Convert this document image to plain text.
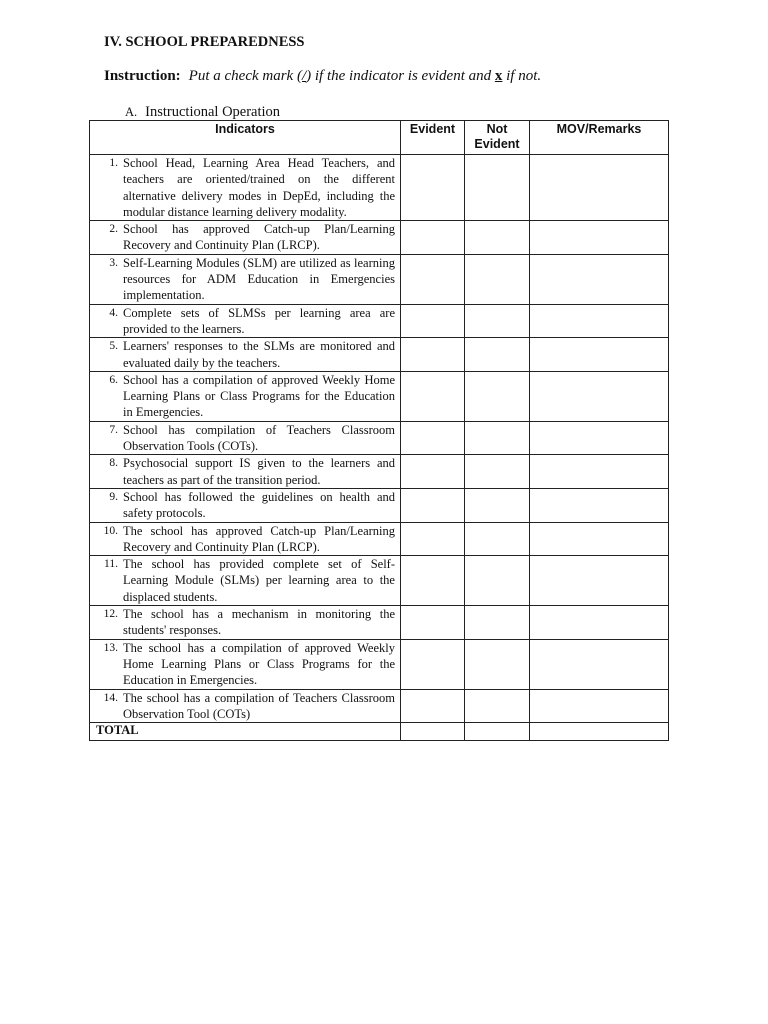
IV. SCHOOL PREPAREDNESS
Instruction: Put a check mark (/) if the indicator is evident and x if not.
A. Instructional Operation
Indicators	Evident	Not Evident	MOV/Remarks

1. School Head, Learning Area Head Teachers, and teachers are oriented/trained on the different alternative delivery modes in DepEd, including the modular distance learning delivery modality.			

2. School has approved Catch-up Plan/Learning Recovery and Continuity Plan (LRCP).			

3. Self-Learning Modules (SLM) are utilized as learning resources for ADM Education in Emergencies implementation.			

4. Complete sets of SLMSs per learning area are provided to the learners.			

5. Learners' responses to the SLMs are monitored and evaluated daily by the teachers.			

6. School has a compilation of approved Weekly Home Learning Plans or Class Programs for the Education in Emergencies.			

7. School has compilation of Teachers Classroom Observation Tools (COTs).			

8. Psychosocial support IS given to the learners and teachers as part of the transition period.			

9. School has followed the guidelines on health and safety protocols.			

10. The school has approved Catch-up Plan/Learning Recovery and Continuity Plan (LRCP).			

11. The school has provided complete set of Self-Learning Module (SLMs) per learning area to the displaced students.			

12. The school has a mechanism in monitoring the students' responses.			

13. The school has a compilation of approved Weekly Home Learning Plans or Class Programs for the Education in Emergencies.			

14. The school has a compilation of Teachers Classroom Observation Tool (COTs)			

TOTAL			
